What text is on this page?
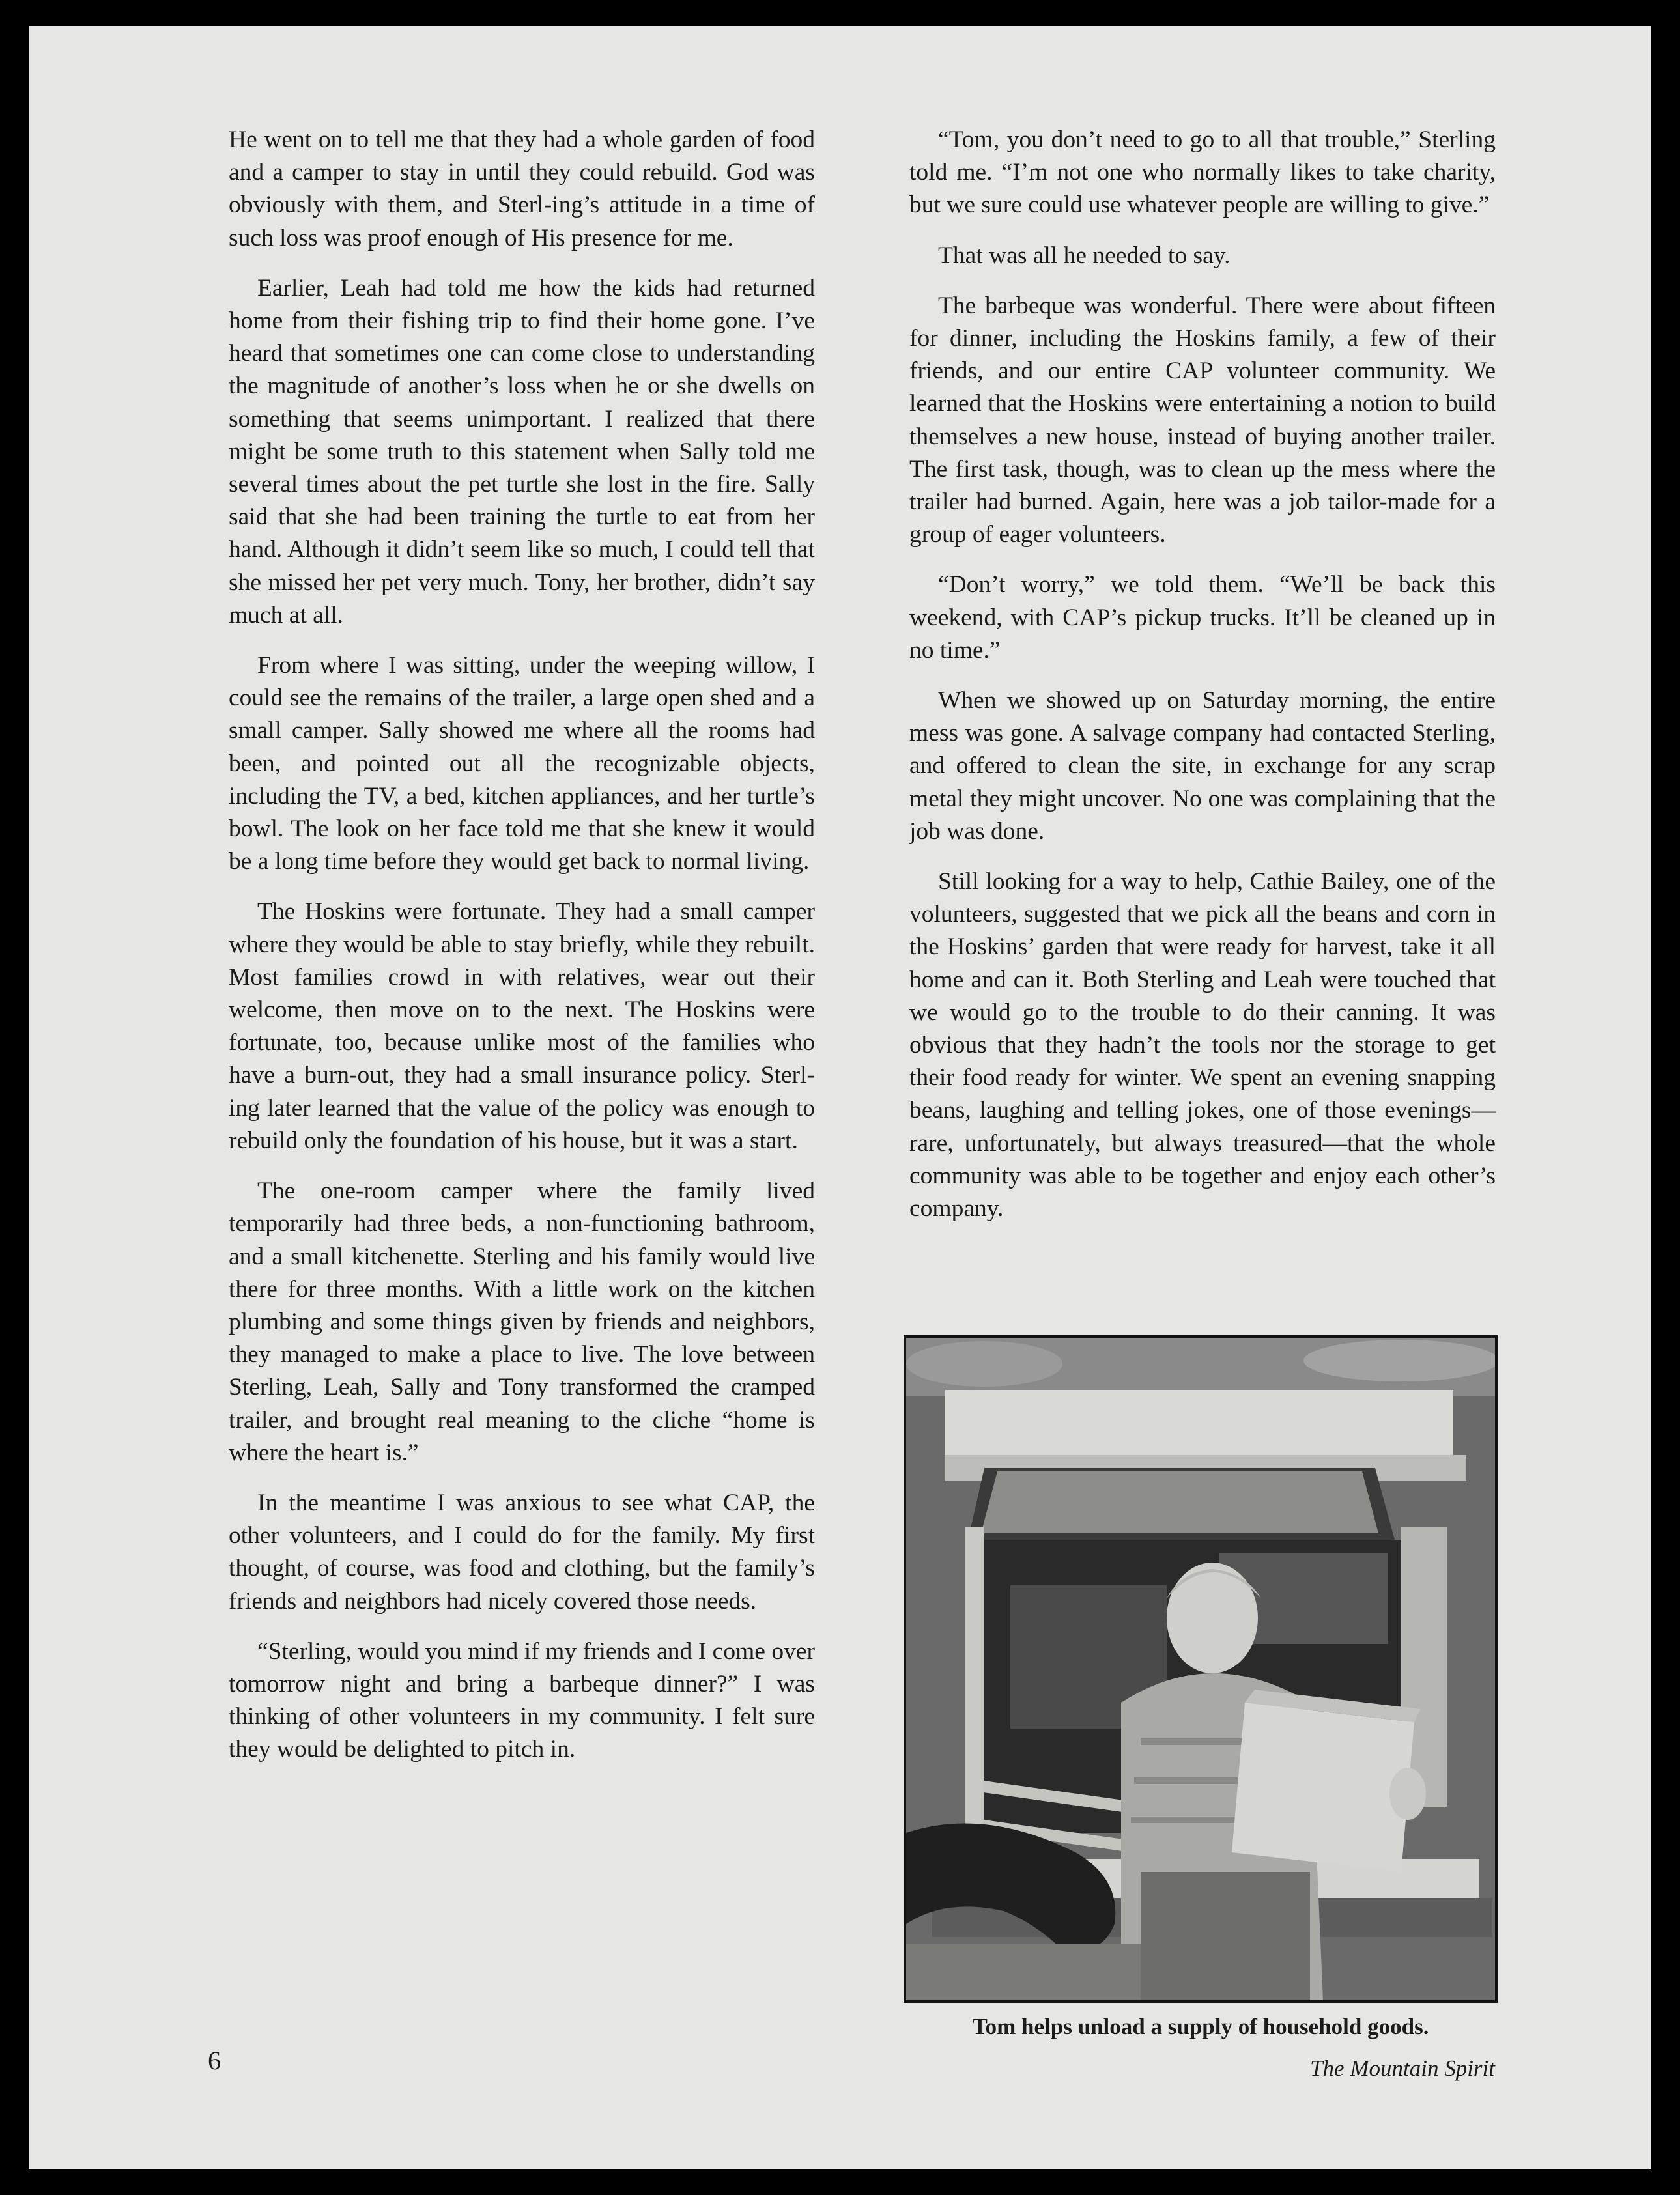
He went on to tell me that they had a whole garden of food and a camper to stay in until they could rebuild. God was obviously with them, and Sterl-ing’s attitude in a time of such loss was proof enough of His presence for me.

Earlier, Leah had told me how the kids had returned home from their fishing trip to find their home gone. I’ve heard that sometimes one can come close to understanding the magnitude of another’s loss when he or she dwells on something that seems unimportant. I realized that there might be some truth to this statement when Sally told me several times about the pet turtle she lost in the fire. Sally said that she had been training the turtle to eat from her hand. Although it didn’t seem like so much, I could tell that she missed her pet very much. Tony, her brother, didn’t say much at all.

From where I was sitting, under the weeping willow, I could see the remains of the trailer, a large open shed and a small camper. Sally showed me where all the rooms had been, and pointed out all the recognizable objects, including the TV, a bed, kitchen appliances, and her turtle’s bowl. The look on her face told me that she knew it would be a long time before they would get back to normal living.

The Hoskins were fortunate. They had a small camper where they would be able to stay briefly, while they rebuilt. Most families crowd in with relatives, wear out their welcome, then move on to the next. The Hoskins were fortunate, too, because unlike most of the families who have a burn-out, they had a small insurance policy. Sterl-ing later learned that the value of the policy was enough to rebuild only the foundation of his house, but it was a start.

The one-room camper where the family lived temporarily had three beds, a non-functioning bathroom, and a small kitchenette. Sterling and his family would live there for three months. With a little work on the kitchen plumbing and some things given by friends and neighbors, they managed to make a place to live. The love between Sterling, Leah, Sally and Tony transformed the cramped trailer, and brought real meaning to the cliche “home is where the heart is.”

In the meantime I was anxious to see what CAP, the other volunteers, and I could do for the family. My first thought, of course, was food and clothing, but the family’s friends and neighbors had nicely covered those needs.

“Sterling, would you mind if my friends and I come over tomorrow night and bring a barbeque dinner?” I was thinking of other volunteers in my community. I felt sure they would be delighted to pitch in.

“Tom, you don’t need to go to all that trouble,” Sterling told me. “I’m not one who normally likes to take charity, but we sure could use whatever people are willing to give.”

That was all he needed to say.

The barbeque was wonderful. There were about fifteen for dinner, including the Hoskins family, a few of their friends, and our entire CAP volunteer community. We learned that the Hoskins were entertaining a notion to build themselves a new house, instead of buying another trailer. The first task, though, was to clean up the mess where the trailer had burned. Again, here was a job tailor-made for a group of eager volunteers.

“Don’t worry,” we told them. “We’ll be back this weekend, with CAP’s pickup trucks. It’ll be cleaned up in no time.”

When we showed up on Saturday morning, the entire mess was gone. A salvage company had contacted Sterling, and offered to clean the site, in exchange for any scrap metal they might uncover. No one was complaining that the job was done.

Still looking for a way to help, Cathie Bailey, one of the volunteers, suggested that we pick all the beans and corn in the Hoskins’ garden that were ready for harvest, take it all home and can it. Both Sterling and Leah were touched that we would go to the trouble to do their canning. It was obvious that they hadn’t the tools nor the storage to get their food ready for winter. We spent an evening snapping beans, laughing and telling jokes, one of those evenings—rare, unfortunately, but always treasured—that the whole community was able to be together and enjoy each other’s company.

Tom helps unload a supply of household goods.
6	The Mountain Spirit
